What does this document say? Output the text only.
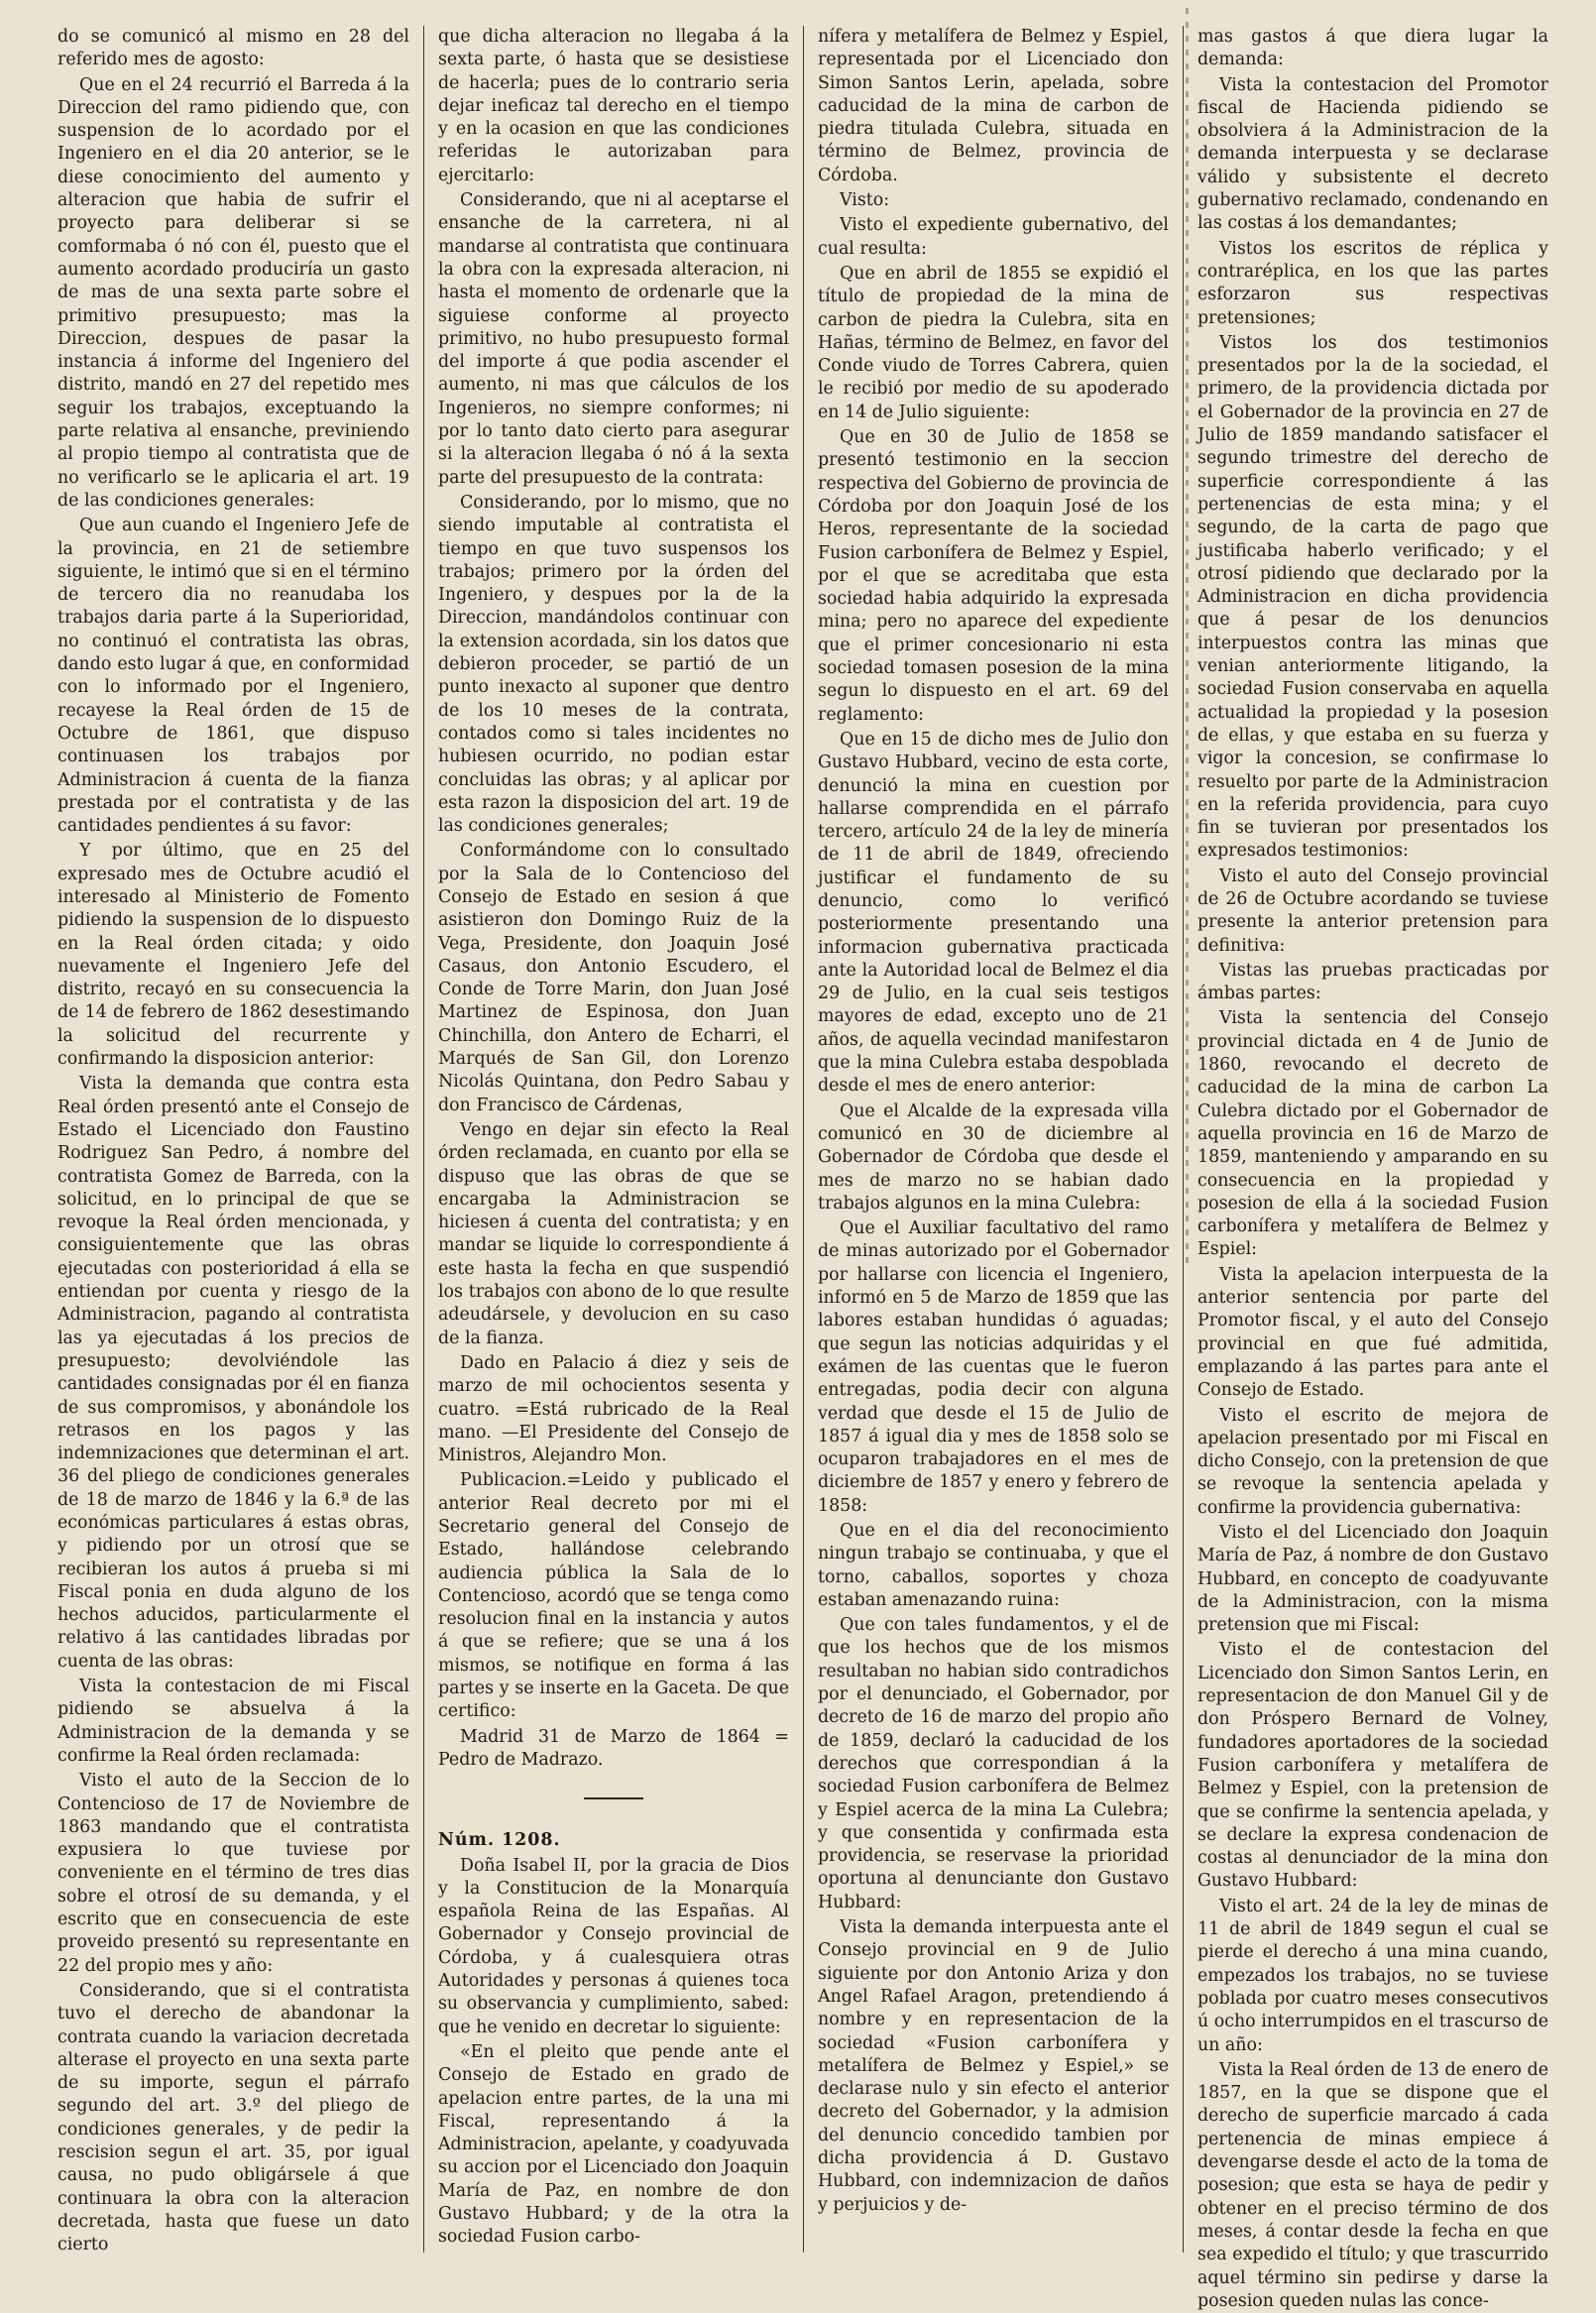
do se comunicó al mismo en 28 del referido mes de agosto:

Que en el 24 recurrió el Barreda á la Direccion del ramo pidiendo que, con suspension de lo acordado por el Ingeniero en el dia 20 anterior, se le diese conocimiento del aumento y alteracion que habia de sufrir el proyecto para deliberar si se comformaba ó nó con él, puesto que el aumento acordado produciría un gasto de mas de una sexta parte sobre el primitivo presupuesto; mas la Direccion, despues de pasar la instancia á informe del Ingeniero del distrito, mandó en 27 del repetido mes seguir los trabajos, exceptuando la parte relativa al ensanche, previniendo al propio tiempo al contratista que de no verificarlo se le aplicaria el art. 19 de las condiciones generales:

Que aun cuando el Ingeniero Jefe de la provincia, en 21 de setiembre siguiente, le intimó que si en el término de tercero dia no reanudaba los trabajos daria parte á la Superioridad, no continuó el contratista las obras, dando esto lugar á que, en conformidad con lo informado por el Ingeniero, recayese la Real órden de 15 de Octubre de 1861, que dispuso continuasen los trabajos por Administracion á cuenta de la fianza prestada por el contratista y de las cantidades pendientes á su favor:

Y por último, que en 25 del expresado mes de Octubre acudió el interesado al Ministerio de Fomento pidiendo la suspension de lo dispuesto en la Real órden citada; y oido nuevamente el Ingeniero Jefe del distrito, recayó en su consecuencia la de 14 de febrero de 1862 desestimando la solicitud del recurrente y confirmando la disposicion anterior:

Vista la demanda que contra esta Real órden presentó ante el Consejo de Estado el Licenciado don Faustino Rodriguez San Pedro, á nombre del contratista Gomez de Barreda, con la solicitud, en lo principal de que se revoque la Real órden mencionada, y consiguientemente que las obras ejecutadas con posterioridad á ella se entiendan por cuenta y riesgo de la Administracion, pagando al contratista las ya ejecutadas á los precios de presupuesto; devolviéndole las cantidades consignadas por él en fianza de sus compromisos, y abonándole los retrasos en los pagos y las indemnizaciones que determinan el art. 36 del pliego de condiciones generales de 18 de marzo de 1846 y la 6.ª de las económicas particulares á estas obras, y pidiendo por un otrosí que se recibieran los autos á prueba si mi Fiscal ponia en duda alguno de los hechos aducidos, particularmente el relativo á las cantidades libradas por cuenta de las obras:

Vista la contestacion de mi Fiscal pidiendo se absuelva á la Administracion de la demanda y se confirme la Real órden reclamada:

Visto el auto de la Seccion de lo Contencioso de 17 de Noviembre de 1863 mandando que el contratista expusiera lo que tuviese por conveniente en el término de tres dias sobre el otrosí de su demanda, y el escrito que en consecuencia de este proveido presentó su representante en 22 del propio mes y año:

Considerando, que si el contratista tuvo el derecho de abandonar la contrata cuando la variacion decretada alterase el proyecto en una sexta parte de su importe, segun el párrafo segundo del art. 3.º del pliego de condiciones generales, y de pedir la rescision segun el art. 35, por igual causa, no pudo obligársele á que continuara la obra con la alteracion decretada, hasta que fuese un dato cierto

que dicha alteracion no llegaba á la sexta parte, ó hasta que se desistiese de hacerla; pues de lo contrario seria dejar ineficaz tal derecho en el tiempo y en la ocasion en que las condiciones referidas le autorizaban para ejercitarlo:

Considerando, que ni al aceptarse el ensanche de la carretera, ni al mandarse al contratista que continuara la obra con la expresada alteracion, ni hasta el momento de ordenarle que la siguiese conforme al proyecto primitivo, no hubo presupuesto formal del importe á que podia ascender el aumento, ni mas que cálculos de los Ingenieros, no siempre conformes; ni por lo tanto dato cierto para asegurar si la alteracion llegaba ó nó á la sexta parte del presupuesto de la contrata:

Considerando, por lo mismo, que no siendo imputable al contratista el tiempo en que tuvo suspensos los trabajos; primero por la órden del Ingeniero, y despues por la de la Direccion, mandándolos continuar con la extension acordada, sin los datos que debieron proceder, se partió de un punto inexacto al suponer que dentro de los 10 meses de la contrata, contados como si tales incidentes no hubiesen ocurrido, no podian estar concluidas las obras; y al aplicar por esta razon la disposicion del art. 19 de las condiciones generales;

Conformándome con lo consultado por la Sala de lo Contencioso del Consejo de Estado en sesion á que asistieron don Domingo Ruiz de la Vega, Presidente, don Joaquin José Casaus, don Antonio Escudero, el Conde de Torre Marin, don Juan José Martinez de Espinosa, don Juan Chinchilla, don Antero de Echarri, el Marqués de San Gil, don Lorenzo Nicolás Quintana, don Pedro Sabau y don Francisco de Cárdenas,

Vengo en dejar sin efecto la Real órden reclamada, en cuanto por ella se dispuso que las obras de que se encargaba la Administracion se hiciesen á cuenta del contratista; y en mandar se liquide lo correspondiente á este hasta la fecha en que suspendió los trabajos con abono de lo que resulte adeudársele, y devolucion en su caso de la fianza.

Dado en Palacio á diez y seis de marzo de mil ochocientos sesenta y cuatro. =Está rubricado de la Real mano. —El Presidente del Consejo de Ministros, Alejandro Mon.

Publicacion.=Leido y publicado el anterior Real decreto por mi el Secretario general del Consejo de Estado, hallándose celebrando audiencia pública la Sala de lo Contencioso, acordó que se tenga como resolucion final en la instancia y autos á que se refiere; que se una á los mismos, se notifique en forma á las partes y se inserte en la Gaceta. De que certifico:

Madrid 31 de Marzo de 1864 = Pedro de Madrazo.

Núm. 1208.

Doña Isabel II, por la gracia de Dios y la Constitucion de la Monarquía española Reina de las Españas. Al Gobernador y Consejo provincial de Córdoba, y á cualesquiera otras Autoridades y personas á quienes toca su observancia y cumplimiento, sabed: que he venido en decretar lo siguiente:

«En el pleito que pende ante el Consejo de Estado en grado de apelacion entre partes, de la una mi Fiscal, representando á la Administracion, apelante, y coadyuvada su accion por el Licenciado don Joaquin María de Paz, en nombre de don Gustavo Hubbard; y de la otra la sociedad Fusion carbo-

nífera y metalífera de Belmez y Espiel, representada por el Licenciado don Simon Santos Lerin, apelada, sobre caducidad de la mina de carbon de piedra titulada Culebra, situada en término de Belmez, provincia de Córdoba.

Visto:

Visto el expediente gubernativo, del cual resulta:

Que en abril de 1855 se expidió el título de propiedad de la mina de carbon de piedra la Culebra, sita en Hañas, término de Belmez, en favor del Conde viudo de Torres Cabrera, quien le recibió por medio de su apoderado en 14 de Julio siguiente:

Que en 30 de Julio de 1858 se presentó testimonio en la seccion respectiva del Gobierno de provincia de Córdoba por don Joaquin José de los Heros, representante de la sociedad Fusion carbonífera de Belmez y Espiel, por el que se acreditaba que esta sociedad habia adquirido la expresada mina; pero no aparece del expediente que el primer concesionario ni esta sociedad tomasen posesion de la mina segun lo dispuesto en el art. 69 del reglamento:

Que en 15 de dicho mes de Julio don Gustavo Hubbard, vecino de esta corte, denunció la mina en cuestion por hallarse comprendida en el párrafo tercero, artículo 24 de la ley de minería de 11 de abril de 1849, ofreciendo justificar el fundamento de su denuncio, como lo verificó posteriormente presentando una informacion gubernativa practicada ante la Autoridad local de Belmez el dia 29 de Julio, en la cual seis testigos mayores de edad, excepto uno de 21 años, de aquella vecindad manifestaron que la mina Culebra estaba despoblada desde el mes de enero anterior:

Que el Alcalde de la expresada villa comunicó en 30 de diciembre al Gobernador de Córdoba que desde el mes de marzo no se habian dado trabajos algunos en la mina Culebra:

Que el Auxiliar facultativo del ramo de minas autorizado por el Gobernador por hallarse con licencia el Ingeniero, informó en 5 de Marzo de 1859 que las labores estaban hundidas ó aguadas; que segun las noticias adquiridas y el exámen de las cuentas que le fueron entregadas, podia decir con alguna verdad que desde el 15 de Julio de 1857 á igual dia y mes de 1858 solo se ocuparon trabajadores en el mes de diciembre de 1857 y enero y febrero de 1858:

Que en el dia del reconocimiento ningun trabajo se continuaba, y que el torno, caballos, soportes y choza estaban amenazando ruina:

Que con tales fundamentos, y el de que los hechos que de los mismos resultaban no habian sido contradichos por el denunciado, el Gobernador, por decreto de 16 de marzo del propio año de 1859, declaró la caducidad de los derechos que correspondian á la sociedad Fusion carbonífera de Belmez y Espiel acerca de la mina La Culebra; y que consentida y confirmada esta providencia, se reservase la prioridad oportuna al denunciante don Gustavo Hubbard:

Vista la demanda interpuesta ante el Consejo provincial en 9 de Julio siguiente por don Antonio Ariza y don Angel Rafael Aragon, pretendiendo á nombre y en representacion de la sociedad «Fusion carbonífera y metalífera de Belmez y Espiel,» se declarase nulo y sin efecto el anterior decreto del Gobernador, y la admision del denuncio concedido tambien por dicha providencia á D. Gustavo Hubbard, con indemnizacion de daños y perjuicios y de-

mas gastos á que diera lugar la demanda:

Vista la contestacion del Promotor fiscal de Hacienda pidiendo se obsolviera á la Administracion de la demanda interpuesta y se declarase válido y subsistente el decreto gubernativo reclamado, condenando en las costas á los demandantes;

Vistos los escritos de réplica y contraréplica, en los que las partes esforzaron sus respectivas pretensiones;

Vistos los dos testimonios presentados por la de la sociedad, el primero, de la providencia dictada por el Gobernador de la provincia en 27 de Julio de 1859 mandando satisfacer el segundo trimestre del derecho de superficie correspondiente á las pertenencias de esta mina; y el segundo, de la carta de pago que justificaba haberlo verificado; y el otrosí pidiendo que declarado por la Administracion en dicha providencia que á pesar de los denuncios interpuestos contra las minas que venian anteriormente litigando, la sociedad Fusion conservaba en aquella actualidad la propiedad y la posesion de ellas, y que estaba en su fuerza y vigor la concesion, se confirmase lo resuelto por parte de la Administracion en la referida providencia, para cuyo fin se tuvieran por presentados los expresados testimonios:

Visto el auto del Consejo provincial de 26 de Octubre acordando se tuviese presente la anterior pretension para definitiva:

Vistas las pruebas practicadas por ámbas partes:

Vista la sentencia del Consejo provincial dictada en 4 de Junio de 1860, revocando el decreto de caducidad de la mina de carbon La Culebra dictado por el Gobernador de aquella provincia en 16 de Marzo de 1859, manteniendo y amparando en su consecuencia en la propiedad y posesion de ella á la sociedad Fusion carbonífera y metalífera de Belmez y Espiel:

Vista la apelacion interpuesta de la anterior sentencia por parte del Promotor fiscal, y el auto del Consejo provincial en que fué admitida, emplazando á las partes para ante el Consejo de Estado.

Visto el escrito de mejora de apelacion presentado por mi Fiscal en dicho Consejo, con la pretension de que se revoque la sentencia apelada y confirme la providencia gubernativa:

Visto el del Licenciado don Joaquin María de Paz, á nombre de don Gustavo Hubbard, en concepto de coadyuvante de la Administracion, con la misma pretension que mi Fiscal:

Visto el de contestacion del Licenciado don Simon Santos Lerin, en representacion de don Manuel Gil y de don Próspero Bernard de Volney, fundadores aportadores de la sociedad Fusion carbonífera y metalífera de Belmez y Espiel, con la pretension de que se confirme la sentencia apelada, y se declare la expresa condenacion de costas al denunciador de la mina don Gustavo Hubbard:

Visto el art. 24 de la ley de minas de 11 de abril de 1849 segun el cual se pierde el derecho á una mina cuando, empezados los trabajos, no se tuviese poblada por cuatro meses consecutivos ú ocho interrumpidos en el trascurso de un año:

Vista la Real órden de 13 de enero de 1857, en la que se dispone que el derecho de superficie marcado á cada pertenencia de minas empiece á devengarse desde el acto de la toma de posesion; que esta se haya de pedir y obtener en el preciso término de dos meses, á contar desde la fecha en que sea expedido el título; y que trascurrido aquel término sin pedirse y darse la posesion queden nulas las conce-
